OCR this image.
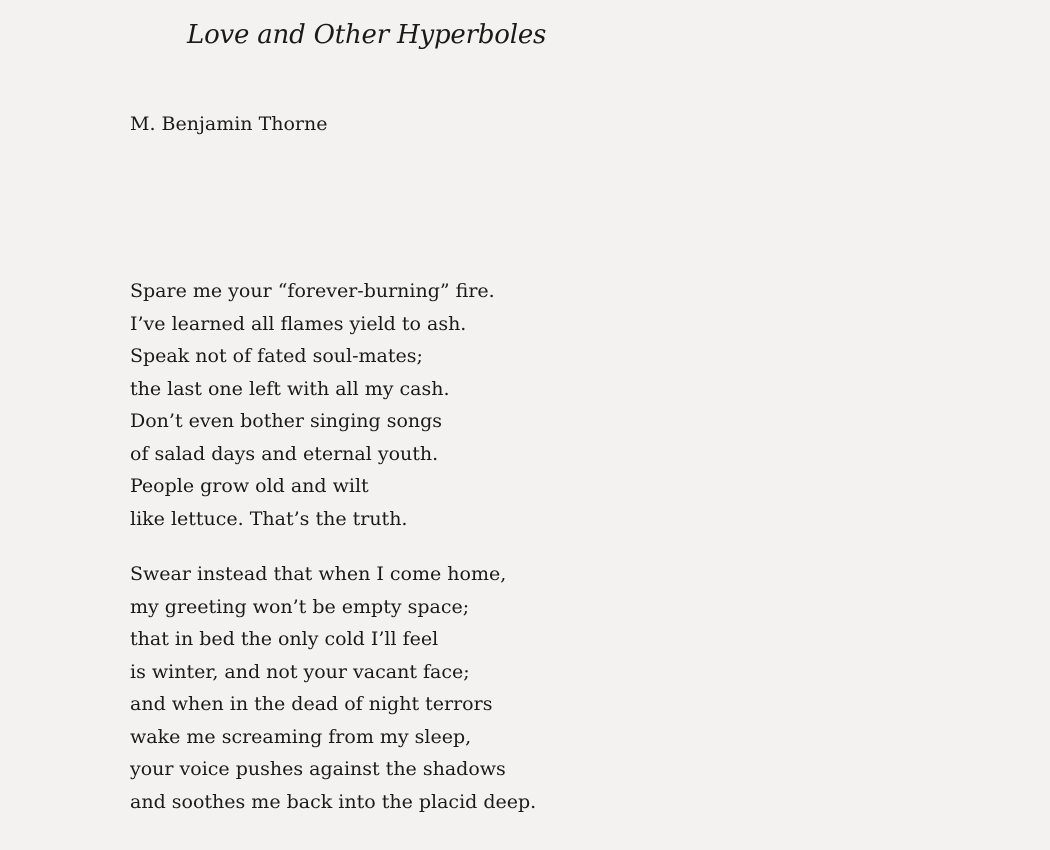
Love and Other Hyperboles
M. Benjamin Thorne
Spare me your “forever-burning” fire.
I’ve learned all flames yield to ash.
Speak not of fated soul-mates;
the last one left with all my cash.
Don’t even bother singing songs
of salad days and eternal youth.
People grow old and wilt
like lettuce. That’s the truth.
Swear instead that when I come home,
my greeting won’t be empty space;
that in bed the only cold I’ll feel
is winter, and not your vacant face;
and when in the dead of night terrors
wake me screaming from my sleep,
your voice pushes against the shadows
and soothes me back into the placid deep.
